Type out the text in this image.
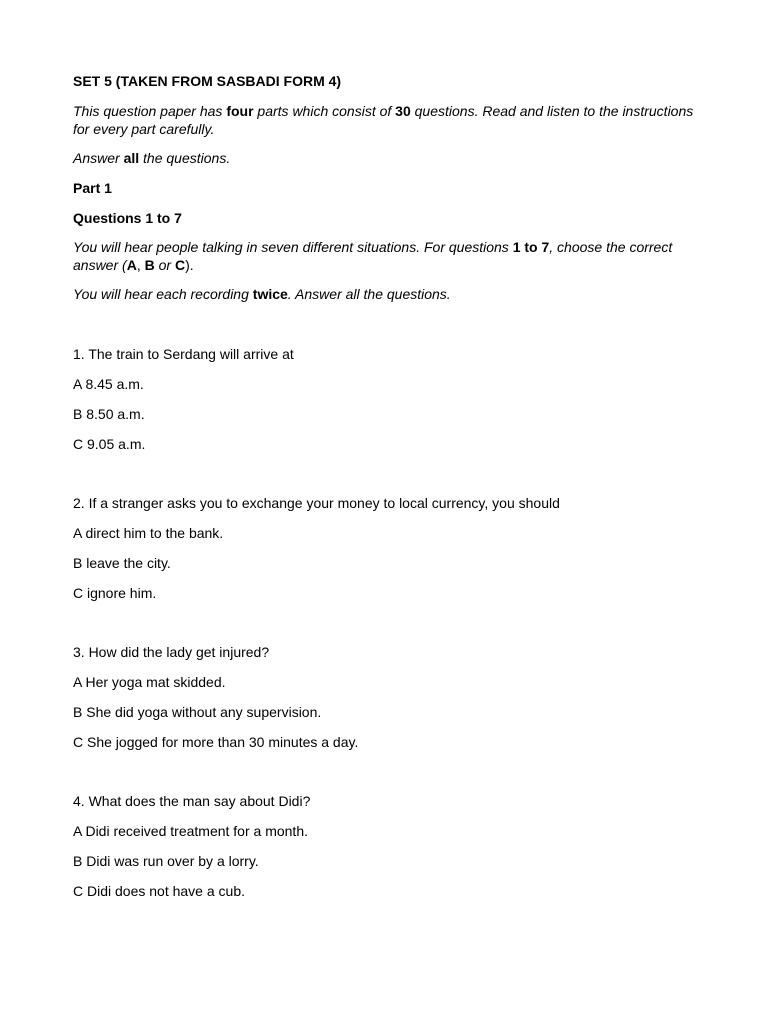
SET 5 (TAKEN FROM SASBADI FORM 4)

This question paper has four parts which consist of 30 questions. Read and listen to the instructions for every part carefully.

Answer all the questions.

Part 1

Questions 1 to 7

You will hear people talking in seven different situations. For questions 1 to 7, choose the correct answer (A, B or C).

You will hear each recording twice. Answer all the questions.

1. The train to Serdang will arrive at

A 8.45 a.m.

B 8.50 a.m.

C 9.05 a.m.

2. If a stranger asks you to exchange your money to local currency, you should

A direct him to the bank.

B leave the city.

C ignore him.

3. How did the lady get injured?

A Her yoga mat skidded.

B She did yoga without any supervision.

C She jogged for more than 30 minutes a day.

4. What does the man say about Didi?

A Didi received treatment for a month.

B Didi was run over by a lorry.

C Didi does not have a cub.
